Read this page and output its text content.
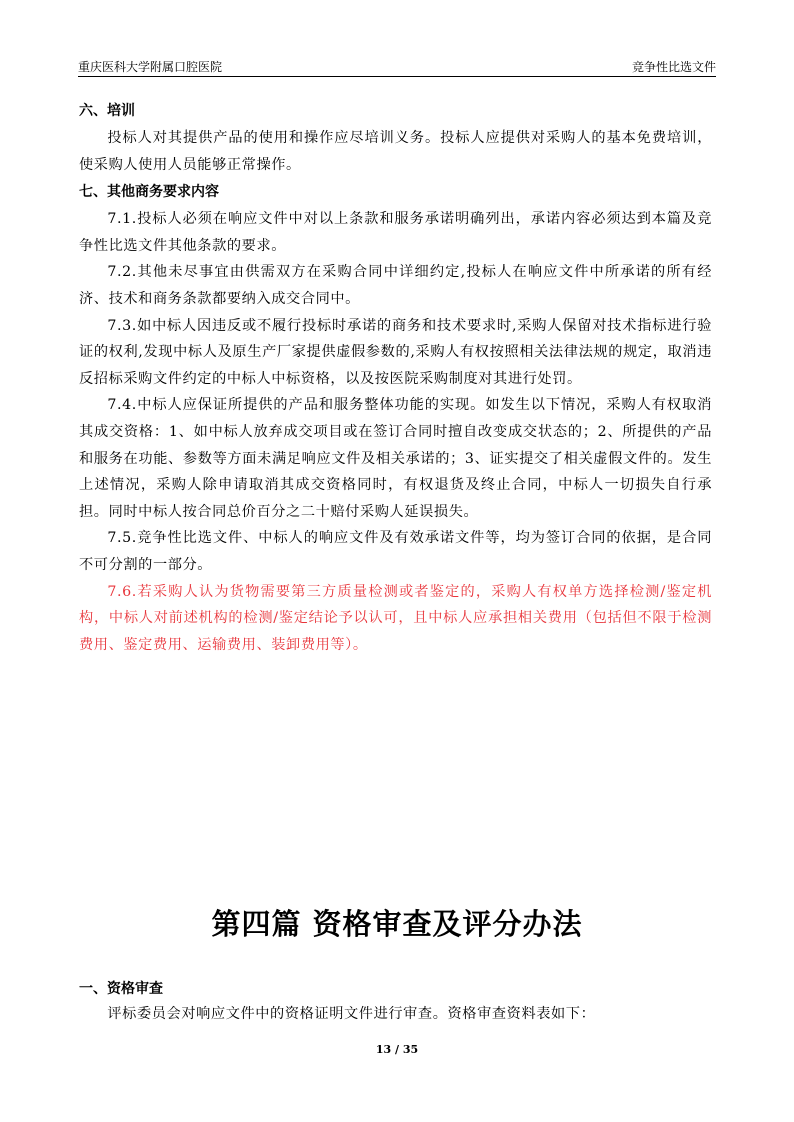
重庆医科大学附属口腔医院	竞争性比选文件

六、培训

投标人对其提供产品的使用和操作应尽培训义务。投标人应提供对采购人的基本免费培训，使采购人使用人员能够正常操作。

七、其他商务要求内容

7.1.投标人必须在响应文件中对以上条款和服务承诺明确列出，承诺内容必须达到本篇及竞争性比选文件其他条款的要求。

7.2.其他未尽事宜由供需双方在采购合同中详细约定,投标人在响应文件中所承诺的所有经济、技术和商务条款都要纳入成交合同中。

7.3.如中标人因违反或不履行投标时承诺的商务和技术要求时,采购人保留对技术指标进行验证的权利,发现中标人及原生产厂家提供虚假参数的,采购人有权按照相关法律法规的规定，取消违反招标采购文件约定的中标人中标资格，以及按医院采购制度对其进行处罚。

7.4.中标人应保证所提供的产品和服务整体功能的实现。如发生以下情况，采购人有权取消其成交资格：1、如中标人放弃成交项目或在签订合同时擅自改变成交状态的；2、所提供的产品和服务在功能、参数等方面未满足响应文件及相关承诺的；3、证实提交了相关虚假文件的。发生上述情况，采购人除申请取消其成交资格同时，有权退货及终止合同，中标人一切损失自行承担。同时中标人按合同总价百分之二十赔付采购人延误损失。

7.5.竞争性比选文件、中标人的响应文件及有效承诺文件等，均为签订合同的依据，是合同不可分割的一部分。

7.6.若采购人认为货物需要第三方质量检测或者鉴定的，采购人有权单方选择检测/鉴定机构，中标人对前述机构的检测/鉴定结论予以认可，且中标人应承担相关费用（包括但不限于检测费用、鉴定费用、运输费用、装卸费用等）。

第四篇 资格审查及评分办法

一、资格审查

评标委员会对响应文件中的资格证明文件进行审查。资格审查资料表如下：

13 / 35
